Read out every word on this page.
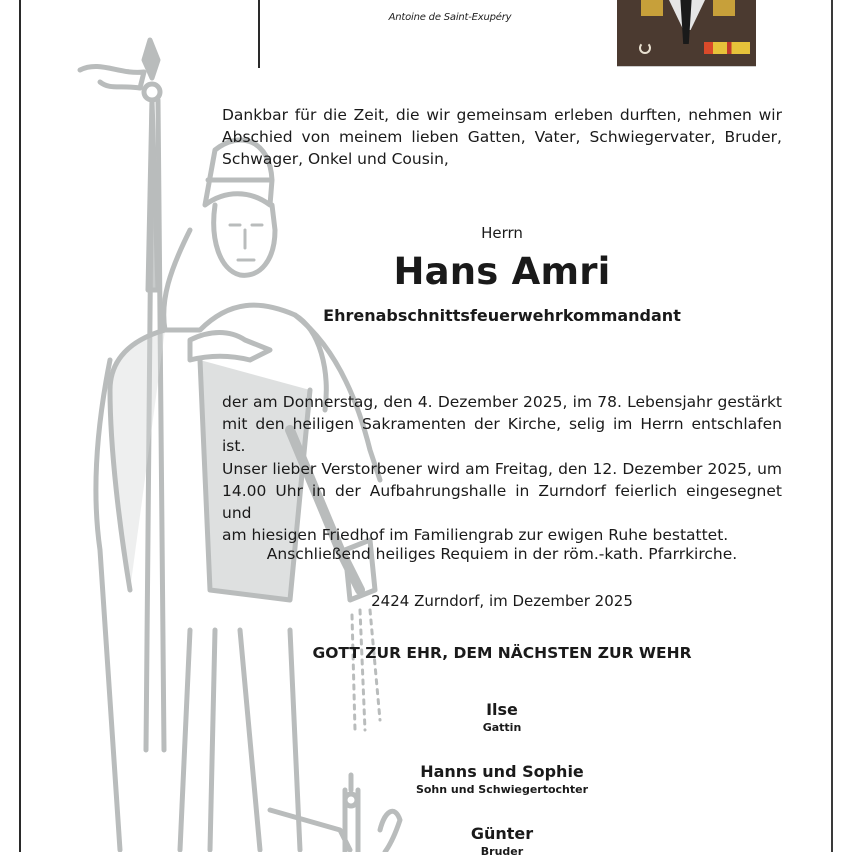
Antoine de Saint-Exupéry

Dankbar für die Zeit, die wir gemeinsam erleben durften, nehmen wir

Abschied von meinem lieben Gatten, Vater, Schwiegervater, Bruder,

Schwager, Onkel und Cousin,

Herrn
Hans Amri
Ehrenabschnittsfeuerwehrkommandant

der am Donnerstag, den 4. Dezember 2025, im 78. Lebensjahr gestärkt

mit den heiligen Sakramenten der Kirche, selig im Herrn entschlafen ist.

Unser lieber Verstorbener wird am Freitag, den 12. Dezember 2025, um

14.00 Uhr in der Aufbahrungshalle in Zurndorf feierlich eingesegnet und

am hiesigen Friedhof im Familiengrab zur ewigen Ruhe bestattet.

Anschließend heiliges Requiem in der röm.-kath. Pfarrkirche.
2424 Zurndorf, im Dezember 2025
GOTT ZUR EHR, DEM NÄCHSTEN ZUR WEHR
Ilse
Gattin
Hanns und Sophie
Sohn und Schwiegertochter
Günter
Bruder
